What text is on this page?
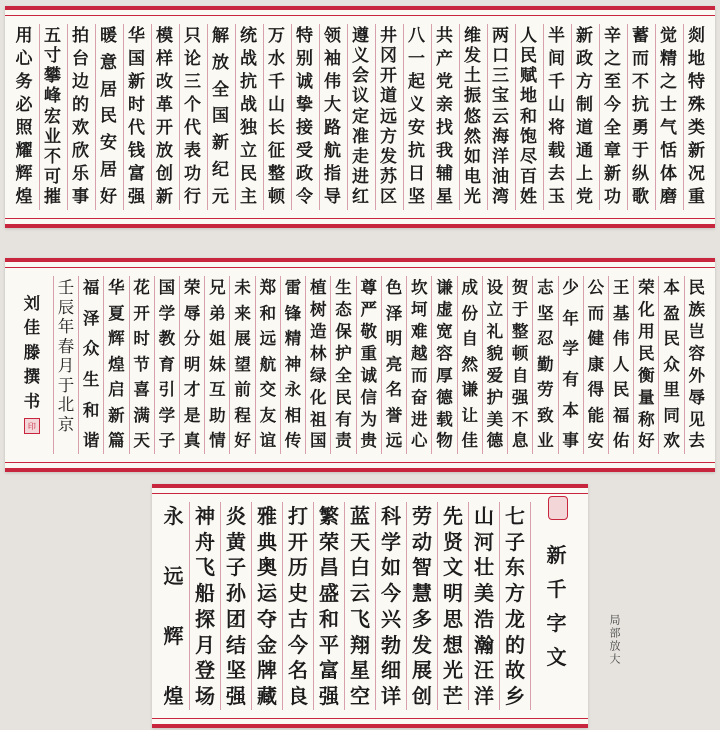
剡
地
特
殊
类
新
况
重
觉
精
之
士
气
恬
体
磨
蓄
而
不
抗
勇
于
纵
歌
辛
之
至
今
全
章
新
功
新
政
方
制
道
通
上
党
半
间
千
山
将
载
去
玉
人
民
赋
地
和
饱
尽
百
姓
两
口
三
宝
云
海
洋
油
湾
维
发
土
振
悠
然
如
电
光
共
产
党
亲
找
我
辅
星
八
一
起
义
安
抗
日
坚
井
冈
开
道
远
方
发
苏
区
遵
义
会
议
定
准
走
进
红
领
袖
伟
大
路
航
指
导
特
别
诚
挚
接
受
政
令
万
水
千
山
长
征
整
顿
统
战
抗
战
独
立
民
主
解
放
全
国
新
纪
元
只
论
三
个
代
表
功
行
模
样
改
革
开
放
创
新
华
国
新
时
代
钱
富
强
暖
意
居
民
安
居
好
拍
台
边
的
欢
欣
乐
事
五
寸
攀
峰
宏
业
不
可
摧
用
心
务
必
照
耀
辉
煌
民
族
岂
容
外
辱
见
去
本
盈
民
众
里
同
欢
荣
化
用
民
衡
量
称
好
王
基
伟
人
民
福
佑
公
而
健
康
得
能
安
少
年
学
有
本
事
志
坚
忍
勤
劳
致
业
贺
于
整
顿
自
强
不
息
设
立
礼
貌
爱
护
美
德
成
份
自
然
谦
让
佳
谦
虚
宽
容
厚
德
载
物
坎
坷
难
越
而
奋
进
心
色
泽
明
亮
名
誉
远
尊
严
敬
重
诚
信
为
贵
生
态
保
护
全
民
有
责
植
树
造
林
绿
化
祖
国
雷
锋
精
神
永
相
传
郑
和
远
航
交
友
谊
未
来
展
望
前
程
好
兄
弟
姐
妹
互
助
情
荣
辱
分
明
才
是
真
国
学
教
育
引
学
子
花
开
时
节
喜
满
天
华
夏
辉
煌
启
新
篇
福
泽
众
生
和
谐
壬
辰
年
春
月
于
北
京
刘
佳
滕
撰
书
印
新
千
字
文
七
子
东
方
龙
的
故
乡
山
河
壮
美
浩
瀚
汪
洋
先
贤
文
明
思
想
光
芒
劳
动
智
慧
多
发
展
创
科
学
如
今
兴
勃
细
详
蓝
天
白
云
飞
翔
星
空
繁
荣
昌
盛
和
平
富
强
打
开
历
史
古
今
名
良
雅
典
奥
运
夺
金
牌
藏
炎
黄
子
孙
团
结
坚
强
神
舟
飞
船
探
月
登
场
永
远
辉
煌
局部放大
